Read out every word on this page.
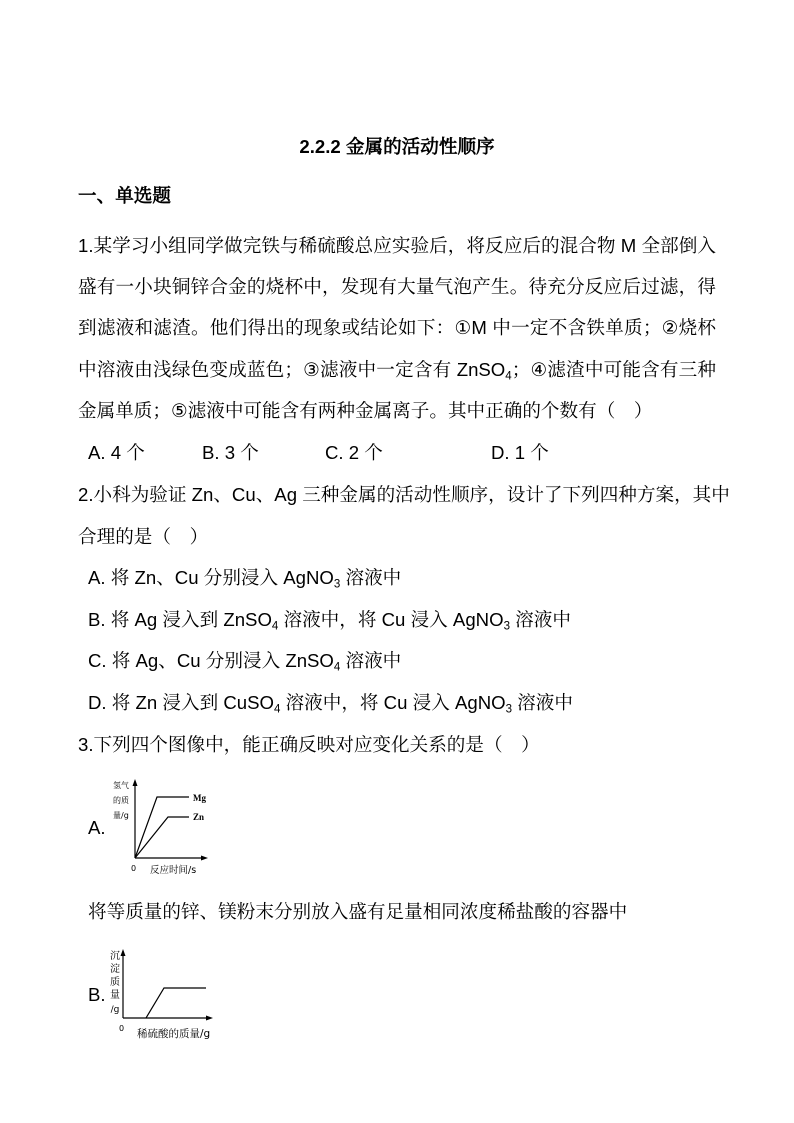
2.2.2 金属的活动性顺序
一、单选题
1.某学习小组同学做完铁与稀硫酸总应实验后，将反应后的混合物 M 全部倒入
盛有一小块铜锌合金的烧杯中，发现有大量气泡产生。待充分反应后过滤，得
到滤液和滤渣。他们得出的现象或结论如下：①M 中一定不含铁单质；②烧杯
中溶液由浅绿色变成蓝色；③滤液中一定含有 ZnSO$_4$；④滤渣中可能含有三种
金属单质；⑤滤液中可能含有两种金属离子。其中正确的个数有（　）
A. 4 个	B. 3 个	C. 2 个	D. 1 个
2.小科为验证 Zn、Cu、Ag 三种金属的活动性顺序，设计了下列四种方案，其中
合理的是（　）
A. 将 Zn、Cu 分别浸入 AgNO$_3$ 溶液中
B. 将 Ag 浸入到 ZnSO$_4$ 溶液中，将 Cu 浸入 AgNO$_3$ 溶液中
C. 将 Ag、Cu 分别浸入 ZnSO$_4$ 溶液中
D. 将 Zn 浸入到 CuSO$_4$ 溶液中，将 Cu 浸入 AgNO$_3$ 溶液中
3.下列四个图像中，能正确反映对应变化关系的是（　）
A.
Mg
Zn
氢气
的质
量/g
0 反应时间/s
将等质量的锌、镁粉末分别放入盛有足量相同浓度稀盐酸的容器中
B.
沉
淀
质
量
/g
0 稀硫酸的质量/g
